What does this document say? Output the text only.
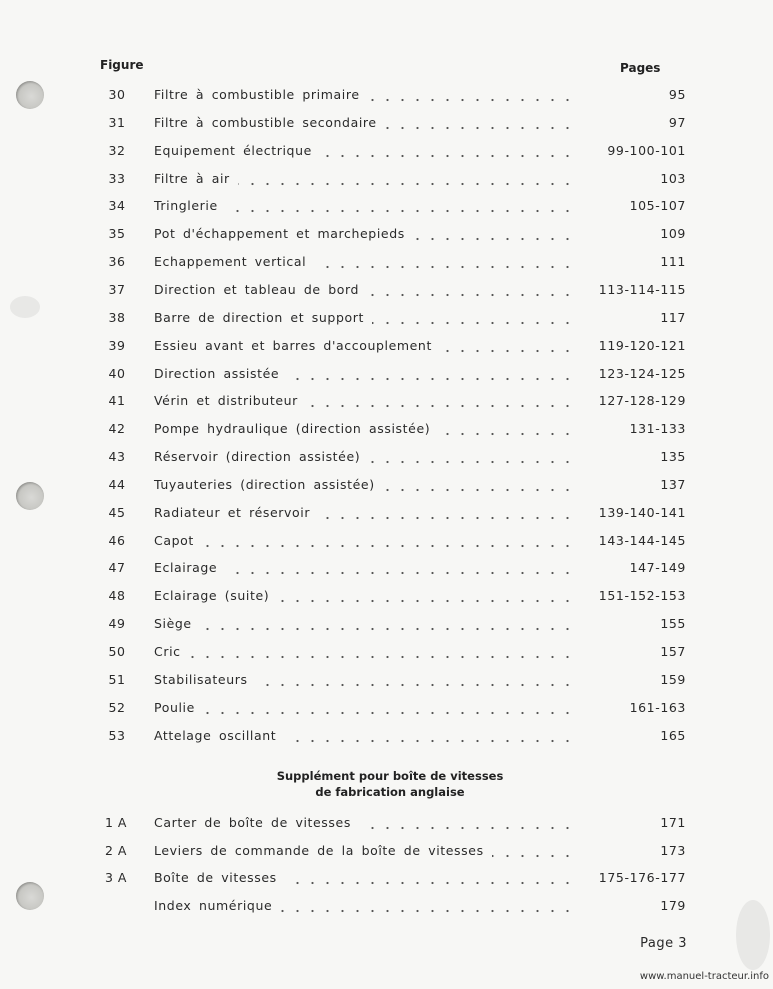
Figure	Pages
30	Filtre à combustible primaire	95
31	Filtre à combustible secondaire	97
32	Equipement électrique	99-100-101
33	Filtre à air	103
34	Tringlerie	105-107
35	Pot d'échappement et marchepieds	109
36	Echappement vertical	111
37	Direction et tableau de bord	113-114-115
38	Barre de direction et support	117
39	Essieu avant et barres d'accouplement	119-120-121
40	Direction assistée	123-124-125
41	Vérin et distributeur	127-128-129
42	Pompe hydraulique (direction assistée)	131-133
43	Réservoir (direction assistée)	135
44	Tuyauteries (direction assistée)	137
45	Radiateur et réservoir	139-140-141
46	Capot	143-144-145
47	Eclairage	147-149
48	Eclairage (suite)	151-152-153
49	Siège	155
50	Cric	157
51	Stabilisateurs	159
52	Poulie	161-163
53	Attelage oscillant	165
Supplément pour boîte de vitesses
de fabrication anglaise
1 A	Carter de boîte de vitesses	171
2 A	Leviers de commande de la boîte de vitesses	173
3 A	Boîte de vitesses	175-176-177
Index numérique	179
Page 3
www.manuel-tracteur.info
